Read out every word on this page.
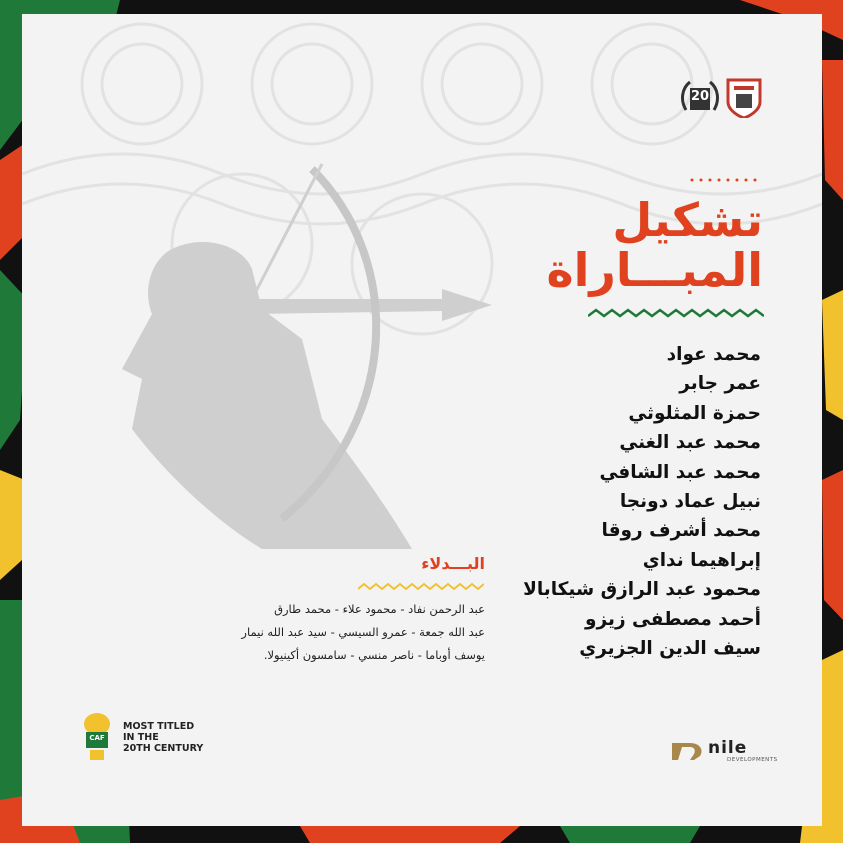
20
تشكيل
المبـــاراة
محمد عواد
عمر جابر
حمزة المثلوثي
محمد عبد الغني
محمد عبد الشافي
نبيل عماد دونجا
محمد أشرف روقا
إبراهيما نداي
محمود عبد الرازق شيكابالا
أحمد مصطفى زيزو
سيف الدين الجزيري
البـــدلاء
عبد الرحمن نفاد - محمود علاء - محمد طارق
عبد الله جمعة - عمرو السيسي - سيد عبد الله نيمار
يوسف أوباما - ناصر منسي - سامسون أكينيولا.
CAF
MOST TITLED
IN THE
20TH CENTURY	nile
DEVELOPMENTS
